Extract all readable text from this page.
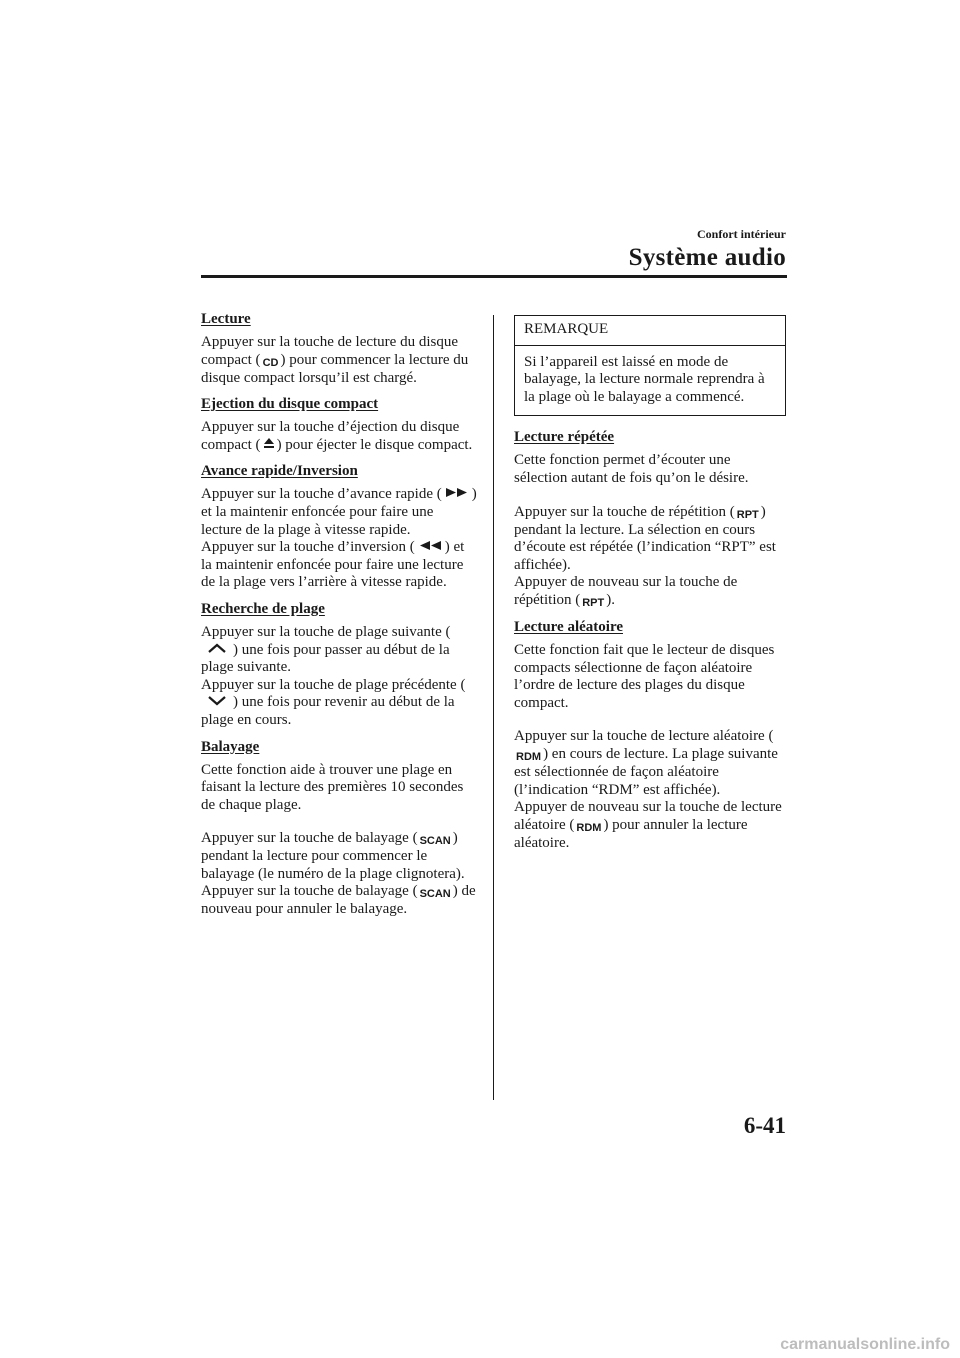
Confort intérieur
Système audio
Lecture

Appuyer sur la touche de lecture du disque compact ( CD ) pour commencer la lecture du disque compact lorsqu’il est chargé.

Ejection du disque compact

Appuyer sur la touche d’éjection du disque compact ( ) pour éjecter le disque compact.

Avance rapide/Inversion

Appuyer sur la touche d’avance rapide ( ) et la maintenir enfoncée pour faire une lecture de la plage à vitesse rapide.
Appuyer sur la touche d’inversion ( ) et la maintenir enfoncée pour faire une lecture de la plage vers l’arrière à vitesse rapide.

Recherche de plage

Appuyer sur la touche de plage suivante (
) une fois pour passer au début de la plage suivante.
Appuyer sur la touche de plage précédente (
) une fois pour revenir au début de la plage en cours.

Balayage

Cette fonction aide à trouver une plage en faisant la lecture des premières 10 secondes de chaque plage.

Appuyer sur la touche de balayage ( SCAN ) pendant la lecture pour commencer le balayage (le numéro de la plage clignotera).
Appuyer sur la touche de balayage ( SCAN ) de nouveau pour annuler le balayage.

REMARQUE
Si l’appareil est laissé en mode de balayage, la lecture normale reprendra à la plage où le balayage a commencé.
Lecture répétée

Cette fonction permet d’écouter une sélection autant de fois qu’on le désire.

Appuyer sur la touche de répétition ( RPT ) pendant la lecture. La sélection en cours d’écoute est répétée (l’indication “RPT” est affichée).
Appuyer de nouveau sur la touche de répétition ( RPT ).

Lecture aléatoire

Cette fonction fait que le lecteur de disques compacts sélectionne de façon aléatoire l’ordre de lecture des plages du disque compact.

Appuyer sur la touche de lecture aléatoire (RDM ) en cours de lecture. La plage suivante est sélectionnée de façon aléatoire (l’indication “RDM” est affichée).
Appuyer de nouveau sur la touche de lecture aléatoire ( RDM ) pour annuler la lecture aléatoire.

6-41
carmanualsonline.info
